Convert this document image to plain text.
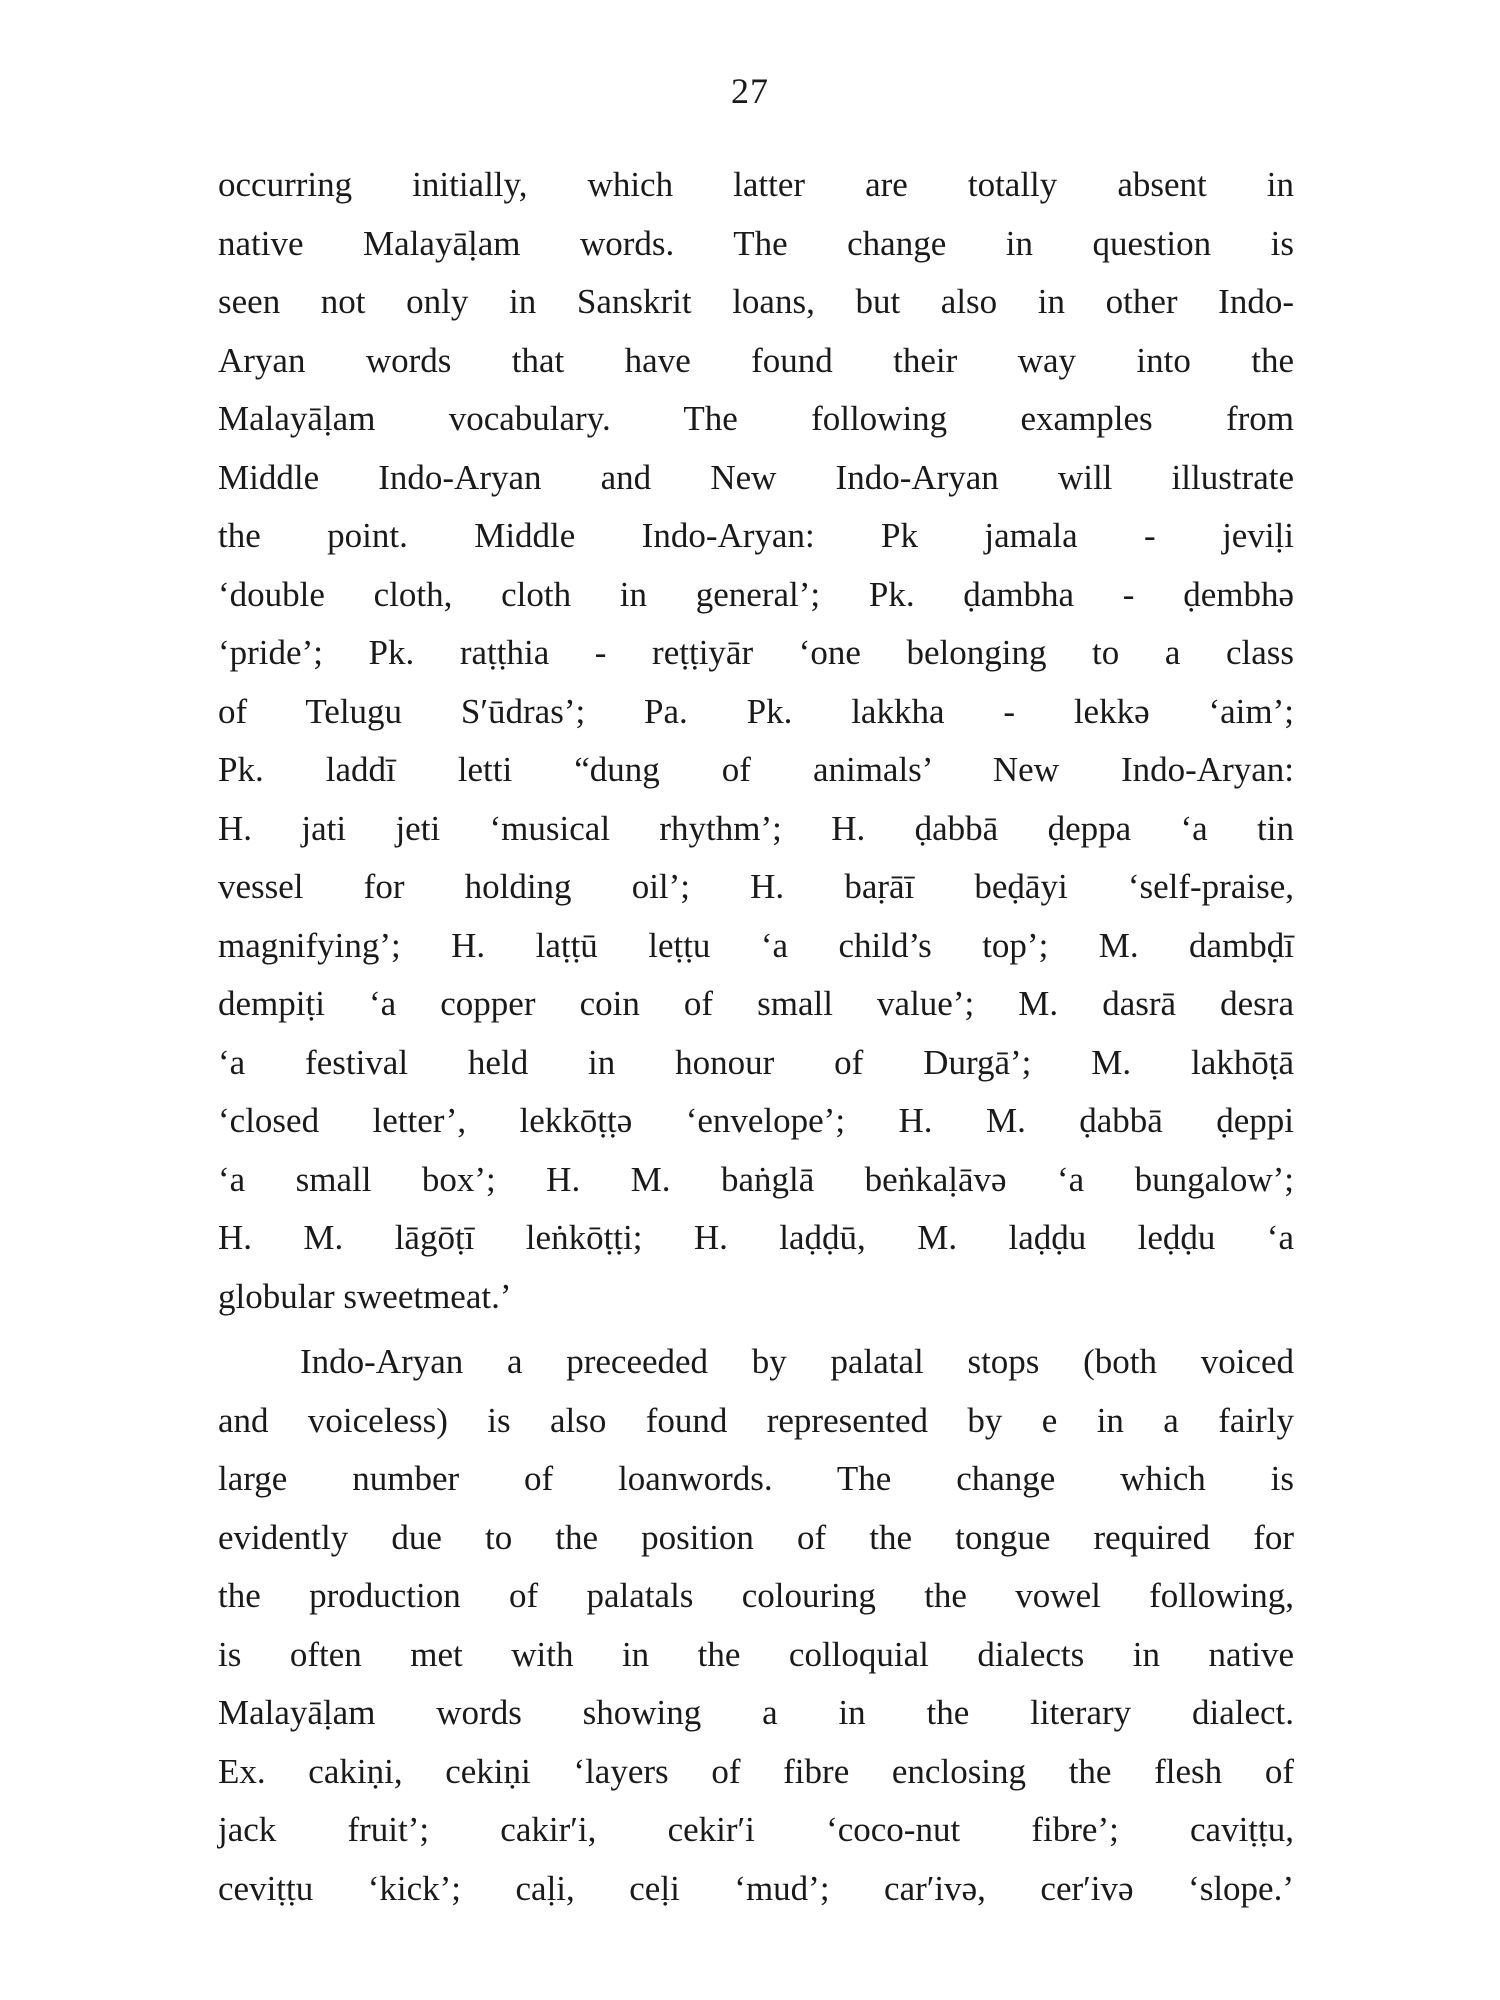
27
occurring initially, which latter are totally absent in
native Malayāḷam words. The change in question is
seen not only in Sanskrit loans, but also in other Indo-
Aryan words that have found their way into the
Malayāḷam vocabulary. The following examples from
Middle Indo-Aryan and New Indo-Aryan will illustrate
the point. Middle Indo-Aryan: Pk jamala - jeviḷi
‘double cloth, cloth in general’; Pk. ḍambha - ḍembhə
‘pride’; Pk. raṭṭhia - reṭṭiyār ‘one belonging to a class
of Telugu S′ūdras’; Pa. Pk. lakkha - lekkə ‘aim’;
Pk. laddī letti “dung of animals’ New Indo-Aryan:
H. jati jeti ‘musical rhythm’; H. ḍabbā ḍeppa ‘a tin
vessel for holding oil’; H. baṛāī beḍāyi ‘self-praise,
magnifying’; H. laṭṭū leṭṭu ‘a child’s top’; M. dambḍī
dempiṭi ‘a copper coin of small value’; M. dasrā desra
‘a festival held in honour of Durgā’; M. lakhōṭā
‘closed letter’, lekkōṭṭə ‘envelope’; H. M. ḍabbā ḍeppi
‘a small box’; H. M. baṅglā beṅkaḷāvə ‘a bungalow’;
H. M. lāgōṭī leṅkōṭṭi; H. laḍḍū, M. laḍḍu leḍḍu ‘a
globular sweetmeat.’
Indo-Aryan a preceeded by palatal stops (both voiced
and voiceless) is also found represented by e in a fairly
large number of loanwords. The change which is
evidently due to the position of the tongue required for
the production of palatals colouring the vowel following,
is often met with in the colloquial dialects in native
Malayāḷam words showing a in the literary dialect.
Ex. cakiṇi, cekiṇi ‘layers of fibre enclosing the flesh of
jack fruit’; cakir′i, cekir′i ‘coco-nut fibre’; caviṭṭu,
ceviṭṭu ‘kick’; caḷi, ceḷi ‘mud’; car′ivə, cer′ivə ‘slope.’
